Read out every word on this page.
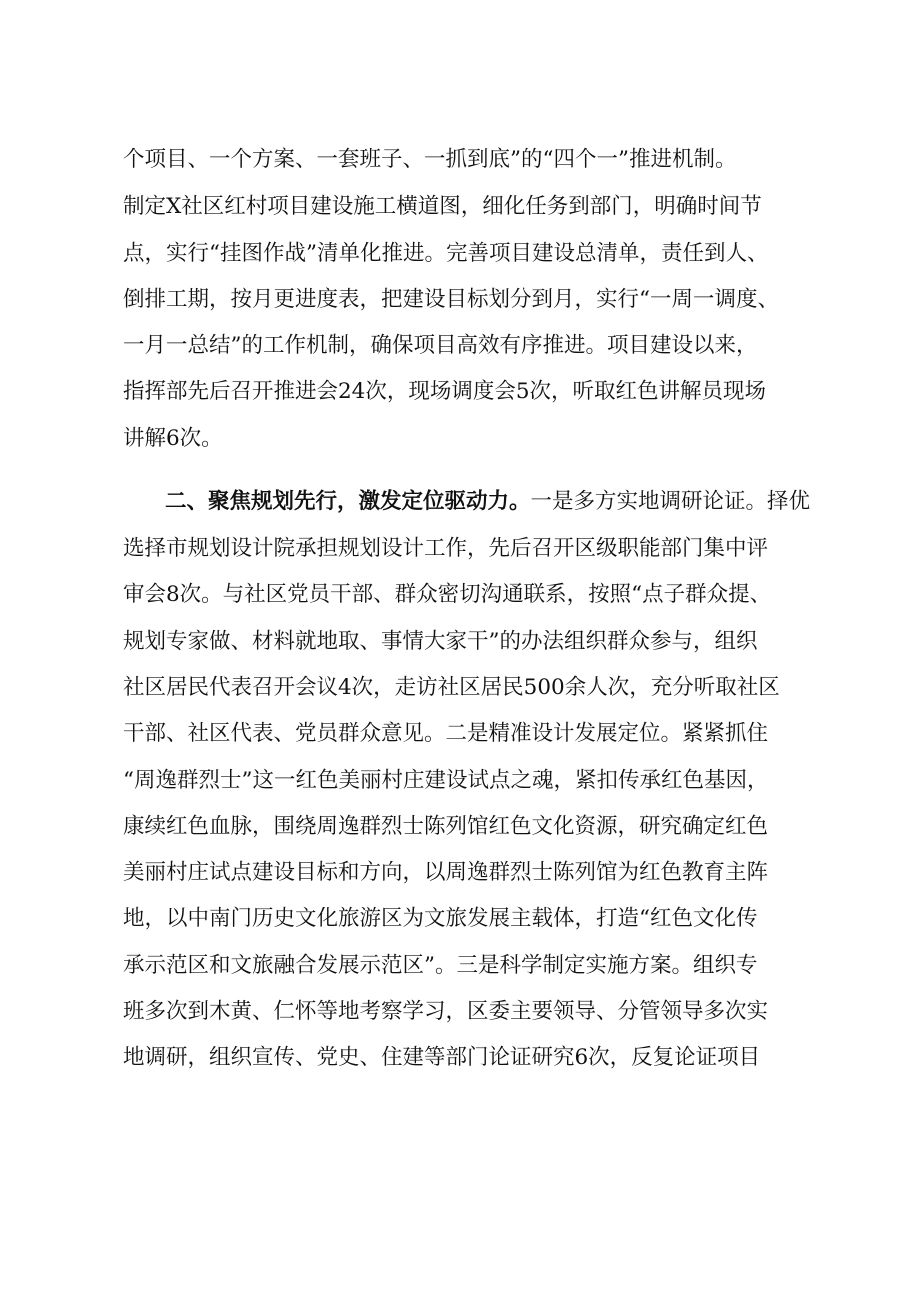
个项目、一个方案、一套班子、一抓到底”的“四个一”推进机制。
制定X社区红村项目建设施工横道图，细化任务到部门，明确时间节
点，实行“挂图作战”清单化推进。完善项目建设总清单，责任到人、
倒排工期，按月更进度表，把建设目标划分到月，实行“一周一调度、
一月一总结”的工作机制，确保项目高效有序推进。项目建设以来，
指挥部先后召开推进会24次，现场调度会5次，听取红色讲解员现场
讲解6次。
二、聚焦规划先行，激发定位驱动力。一是多方实地调研论证。择优
选择市规划设计院承担规划设计工作，先后召开区级职能部门集中评
审会8次。与社区党员干部、群众密切沟通联系，按照“点子群众提、
规划专家做、材料就地取、事情大家干”的办法组织群众参与，组织
社区居民代表召开会议4次，走访社区居民500余人次，充分听取社区
干部、社区代表、党员群众意见。二是精准设计发展定位。紧紧抓住
“周逸群烈士”这一红色美丽村庄建设试点之魂，紧扣传承红色基因，
康续红色血脉，围绕周逸群烈士陈列馆红色文化资源，研究确定红色
美丽村庄试点建设目标和方向，以周逸群烈士陈列馆为红色教育主阵
地，以中南门历史文化旅游区为文旅发展主载体，打造“红色文化传
承示范区和文旅融合发展示范区”。三是科学制定实施方案。组织专
班多次到木黄、仁怀等地考察学习，区委主要领导、分管领导多次实
地调研，组织宣传、党史、住建等部门论证研究6次，反复论证项目
